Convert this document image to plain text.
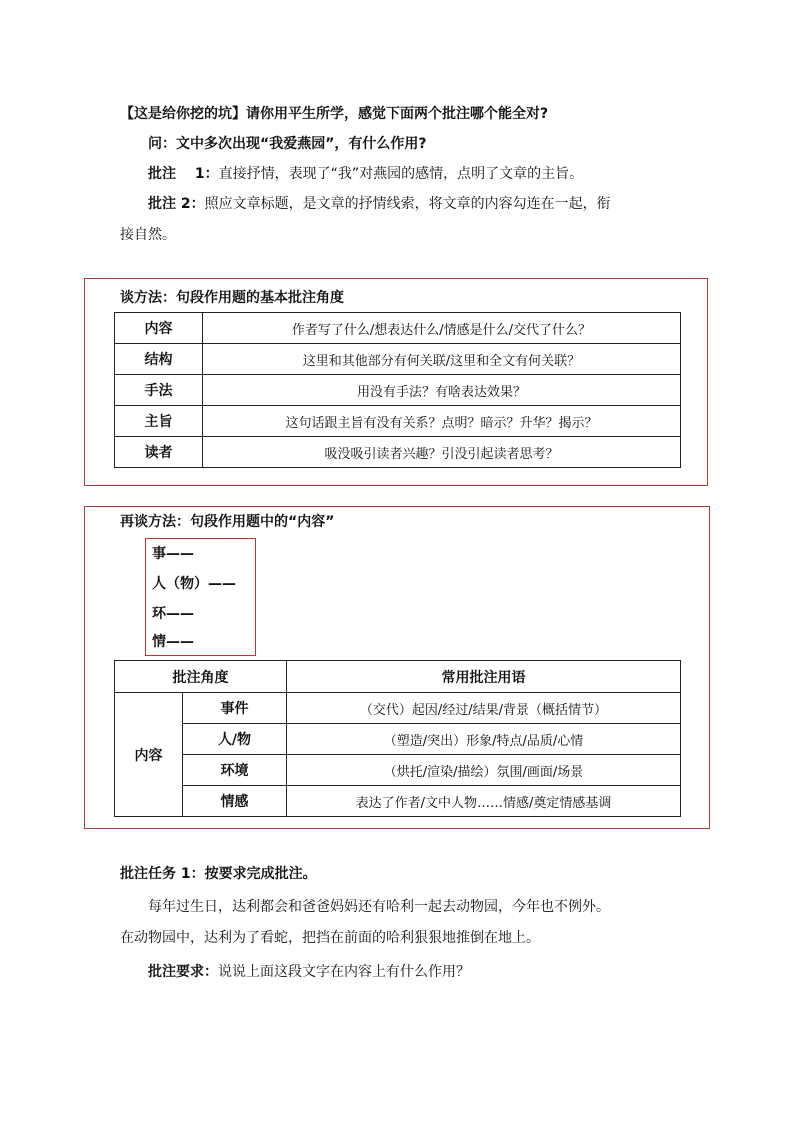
【这是给你挖的坑】请你用平生所学，感觉下面两个批注哪个能全对?
问：文中多次出现“我爱燕园”，有什么作用?
批注　 1：直接抒情，表现了“我”对燕园的感情，点明了文章的主旨。
批注 2：照应文章标题，是文章的抒情线索，将文章的内容勾连在一起，衔
接自然。
谈方法：句段作用题的基本批注角度
内容	作者写了什么/想表达什么/情感是什么/交代了什么？
结构	这里和其他部分有何关联/这里和全文有何关联？
手法	用没有手法？有啥表达效果？
主旨	这句话跟主旨有没有关系？点明？暗示？升华？揭示？
读者	吸没吸引读者兴趣？引没引起读者思考？
再谈方法：句段作用题中的“内容”
事——
人（物）——
环——
情——
批注角度		常用批注用语
内容	事件	（交代）起因/经过/结果/背景（概括情节）
	人/物	（塑造/突出）形象/特点/品质/心情
	环境	（烘托/渲染/描绘）氛围/画面/场景
	情感	表达了作者/文中人物……情感/奠定情感基调
批注任务 1：按要求完成批注。
每年过生日，达利都会和爸爸妈妈还有哈利一起去动物园，今年也不例外。
在动物园中，达利为了看蛇，把挡在前面的哈利狠狠地推倒在地上。
批注要求：说说上面这段文字在内容上有什么作用？
